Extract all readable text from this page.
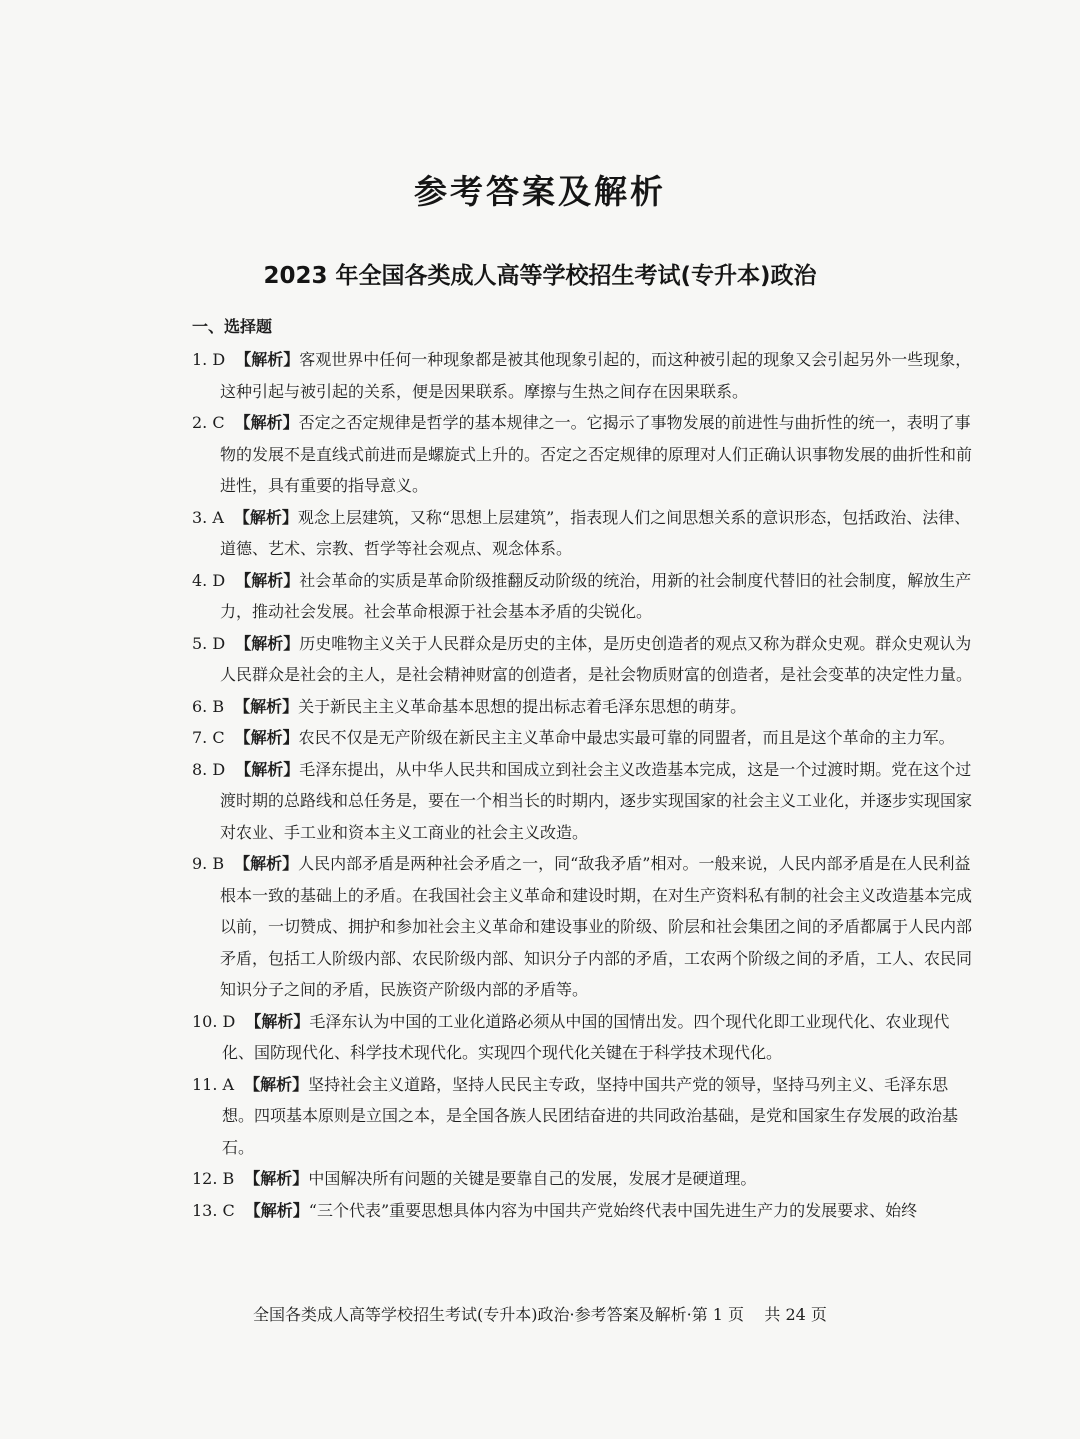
参考答案及解析
2023 年全国各类成人高等学校招生考试(专升本)政治
一、选择题

1. D 【解析】客观世界中任何一种现象都是被其他现象引起的，而这种被引起的现象又会引起另外一些现象，这种引起与被引起的关系，便是因果联系。摩擦与生热之间存在因果联系。

2. C 【解析】否定之否定规律是哲学的基本规律之一。它揭示了事物发展的前进性与曲折性的统一，表明了事物的发展不是直线式前进而是螺旋式上升的。否定之否定规律的原理对人们正确认识事物发展的曲折性和前进性，具有重要的指导意义。

3. A 【解析】观念上层建筑，又称“思想上层建筑”，指表现人们之间思想关系的意识形态，包括政治、法律、道德、艺术、宗教、哲学等社会观点、观念体系。

4. D 【解析】社会革命的实质是革命阶级推翻反动阶级的统治，用新的社会制度代替旧的社会制度，解放生产力，推动社会发展。社会革命根源于社会基本矛盾的尖锐化。

5. D 【解析】历史唯物主义关于人民群众是历史的主体，是历史创造者的观点又称为群众史观。群众史观认为人民群众是社会的主人，是社会精神财富的创造者，是社会物质财富的创造者，是社会变革的决定性力量。

6. B 【解析】关于新民主主义革命基本思想的提出标志着毛泽东思想的萌芽。

7. C 【解析】农民不仅是无产阶级在新民主主义革命中最忠实最可靠的同盟者，而且是这个革命的主力军。

8. D 【解析】毛泽东提出，从中华人民共和国成立到社会主义改造基本完成，这是一个过渡时期。党在这个过渡时期的总路线和总任务是，要在一个相当长的时期内，逐步实现国家的社会主义工业化，并逐步实现国家对农业、手工业和资本主义工商业的社会主义改造。

9. B 【解析】人民内部矛盾是两种社会矛盾之一，同“敌我矛盾”相对。一般来说，人民内部矛盾是在人民利益根本一致的基础上的矛盾。在我国社会主义革命和建设时期，在对生产资料私有制的社会主义改造基本完成以前，一切赞成、拥护和参加社会主义革命和建设事业的阶级、阶层和社会集团之间的矛盾都属于人民内部矛盾，包括工人阶级内部、农民阶级内部、知识分子内部的矛盾，工农两个阶级之间的矛盾，工人、农民同知识分子之间的矛盾，民族资产阶级内部的矛盾等。

10. D 【解析】毛泽东认为中国的工业化道路必须从中国的国情出发。四个现代化即工业现代化、农业现代化、国防现代化、科学技术现代化。实现四个现代化关键在于科学技术现代化。

11. A 【解析】坚持社会主义道路，坚持人民民主专政，坚持中国共产党的领导，坚持马列主义、毛泽东思想。四项基本原则是立国之本，是全国各族人民团结奋进的共同政治基础，是党和国家生存发展的政治基石。

12. B 【解析】中国解决所有问题的关键是要靠自己的发展，发展才是硬道理。

13. C 【解析】“三个代表”重要思想具体内容为中国共产党始终代表中国先进生产力的发展要求、始终

全国各类成人高等学校招生考试(专升本)政治·参考答案及解析·第 1 页    共 24 页
